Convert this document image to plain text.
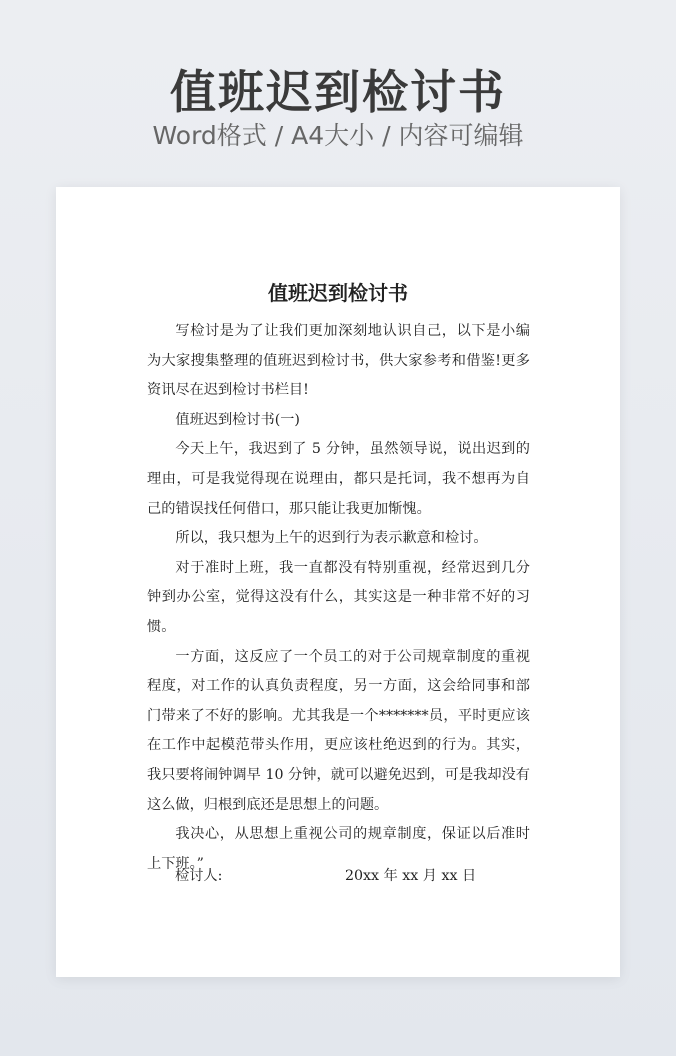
值班迟到检讨书
Word格式 / A4大小 / 内容可编辑
值班迟到检讨书

写检讨是为了让我们更加深刻地认识自己，以下是小编为大家搜集整理的值班迟到检讨书，供大家参考和借鉴!更多资讯尽在迟到检讨书栏目!

值班迟到检讨书(一)

今天上午，我迟到了 5 分钟，虽然领导说，说出迟到的理由，可是我觉得现在说理由，都只是托词，我不想再为自己的错误找任何借口，那只能让我更加惭愧。

所以，我只想为上午的迟到行为表示歉意和检讨。

对于准时上班，我一直都没有特别重视，经常迟到几分钟到办公室，觉得这没有什么，其实这是一种非常不好的习惯。

一方面，这反应了一个员工的对于公司规章制度的重视程度，对工作的认真负责程度，另一方面，这会给同事和部门带来了不好的影响。尤其我是一个*******员，平时更应该在工作中起模范带头作用，更应该杜绝迟到的行为。其实，我只要将闹钟调早 10 分钟，就可以避免迟到，可是我却没有这么做，归根到底还是思想上的问题。

我决心，从思想上重视公司的规章制度，保证以后准时上下班。”

检讨人:	20xx 年 xx 月 xx 日
